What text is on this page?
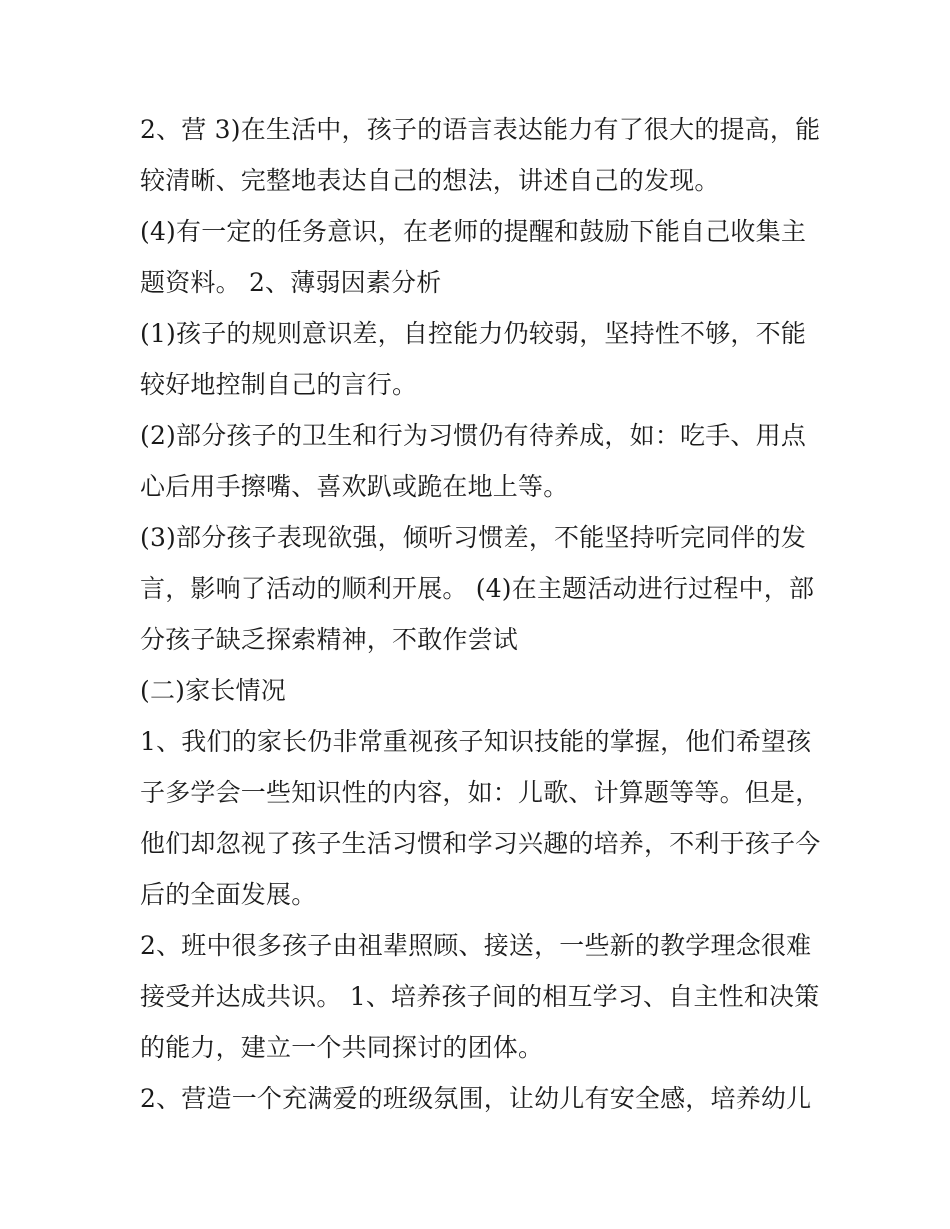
2、营 3)在生活中，孩子的语言表达能力有了很大的提高，能
较清晰、完整地表达自己的想法，讲述自己的发现。
(4)有一定的任务意识，在老师的提醒和鼓励下能自己收集主
题资料。 2、薄弱因素分析
(1)孩子的规则意识差，自控能力仍较弱，坚持性不够，不能
较好地控制自己的言行。
(2)部分孩子的卫生和行为习惯仍有待养成，如：吃手、用点
心后用手擦嘴、喜欢趴或跪在地上等。
(3)部分孩子表现欲强，倾听习惯差，不能坚持听完同伴的发
言，影响了活动的顺利开展。 (4)在主题活动进行过程中，部
分孩子缺乏探索精神，不敢作尝试
(二)家长情况
1、我们的家长仍非常重视孩子知识技能的掌握，他们希望孩
子多学会一些知识性的内容，如：儿歌、计算题等等。但是，
他们却忽视了孩子生活习惯和学习兴趣的培养，不利于孩子今
后的全面发展。
2、班中很多孩子由祖辈照顾、接送，一些新的教学理念很难
接受并达成共识。 1、培养孩子间的相互学习、自主性和决策
的能力，建立一个共同探讨的团体。
2、营造一个充满爱的班级氛围，让幼儿有安全感，培养幼儿
